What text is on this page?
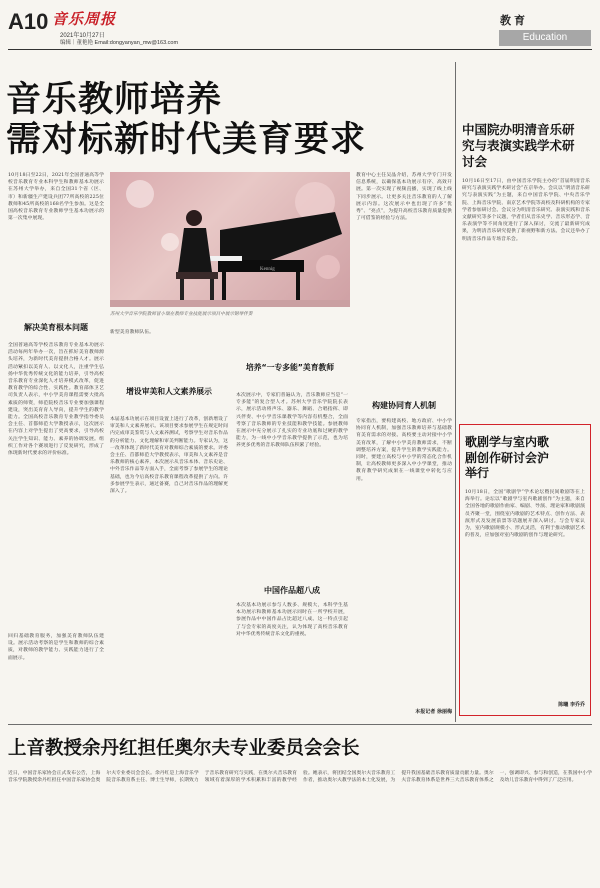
A10 音乐周报
2021年10月27日
编辑｜董艳艳 Email:dongyanyan_mw@163.com
教育
Education
音乐教师培养
需对标新时代美育要求
10月18日至22日，2021年全国普通高等学校音乐教育专业本科学生和教师基本功展示在苏州大学举办，来自全国31个省（区、市）和新疆生产建设兵团77所高校的225位教师和45所高校的168名学生参加。这是全国高校音乐教育专业教师学生基本功展示的第一次集中展现。
解决美育根本问题
全国普通高等学校音乐教育专业基本功展示活动每两年举办一次，旨在抓好美育教师源头培养，为新时代美育提供合格人才。展示活动紧扣以美育人、以文化人，注重学生弘扬中华优秀传统文化的能力培养，引导高校音乐教育专业深化人才培养模式改革，促进教育教学的综合性、实践性。教育部体卫艺司负责人表示，中小学美育课程需要大批高素质的师资，师范院校音乐专业要加强课程建设，突出美育育人导向，提升学生的教学能力。全国高校音乐教育专业教学指导委员会主任、首都师范大学教授表示，这次展示在内容上对学生提出了更高要求，引导高校关注学生知识、能力、素养的协调发展。组织工作对各个赛项进行了反复研究，形成了体现新时代要求的评价标准。
回归基础教育服务，加强美育教师队伍建设。展示活动考察的是学生和教师的综合素质，对教师的教学能力、实践能力进行了全面展示。
Kennig
苏州大学音乐学院教师冒小瑞在教师专业技能展示项目中展示钢琴伴奏
新型美育教师队伍。
增设审美和人文素养展示
本届基本功展示在项目设置上进行了改革，创新增设了审美和人文素养展示。该项目要求参展学生在规定时间内完成审美鉴赏与人文素养测试，考察学生对音乐作品的分析能力、文化理解和审美判断能力。专家认为，这一改革体现了新时代美育对教师综合素质的要求。评委会主任、首都师范大学教授表示，审美和人文素养是音乐教师的核心素养，本次展示从音乐本体、音乐史论、中外音乐作品等方面入手，全面考察了参展学生的理论基础，也为今后高校音乐教育课程改革提供了方向。许多参展学生表示，通过备赛，自己对音乐作品的理解更深入了。
培养“一专多能”美育教师
本次展示中，专家们普遍认为，音乐教师应当是“一专多能”的复合型人才。苏州大学音乐学院院长表示，展示活动将声乐、器乐、舞蹈、合唱指挥、即兴伴奏、中小学音乐课教学等内容有机整合，全面考察了音乐教师的专业技能和教学技能。参展教师在展示中充分展示了扎实的专业功底和过硬的教学能力，为一线中小学音乐教学提供了示范，也为培养更多优秀的音乐教师队伍积累了经验。
中国作品超八成
本次基本功展示参与人数多、规模大，本科学生基本功展示和教师基本功展示同时在一所学校开展，参展作品中中国作品占比超过八成。这一特点引起了与会专家的高度关注，认为体现了高校音乐教育对中华优秀传统音乐文化的重视。
教育中心主任吴晶介绍，苏州大学专门开发信息系统，以确保基本功展示有序、高效开展。第一次实现了视频直播，实现了线上线下同步展示。让更多关注音乐教育的人了解展示内容。这次展示中也出现了许多“优秀”、“亮点”，为提升高校音乐教育质量提供了可借鉴的经验与方法。
构建协同育人机制
专家指出，要构建高校、地方政府、中小学协同育人机制，加强音乐教师培养与基础教育美育需求的对接。高校要主动对接中小学美育改革，了解中小学美育教师需求，不断调整培养方案，提升学生的教学实践能力。同时，要建立高校与中小学的常态化合作机制，让高校教师更多深入中小学课堂，推动教育教学研究成果在一线课堂中转化与应用。
本报记者 徐丽梅
中国院办明清音乐研究与表演实践学术研讨会
10月16日至17日，由中国音乐学院主办的“首届明清音乐研究与表演实践学术研讨会”在京举办。会议以“明清音乐研究与表演实践”为主题，来自中国音乐学院、中央音乐学院、上海音乐学院、南京艺术学院等高校及科研机构的专家学者参加研讨会。会议分为明清音乐研究、表演实践和音乐文献研究等多个议题，学者们从音乐史学、音乐形态学、音乐表演学等不同角度进行了深入探讨，交流了最新研究成果，为明清音乐研究提供了新视野和新方法。会议还举办了明清音乐作品专场音乐会。
歌剧学与室内歌剧创作研讨会沪举行
10月18日，全国“歌剧学”学术论坛暨民间歌剧等在上海举行。论坛以“歌剧学与室内歌剧创作”为主题，来自全国各地的歌剧作曲家、编剧、导演、理论家和歌剧演员齐聚一堂，围绕室内歌剧的艺术特点、创作方法、表演形式及发展前景等话题展开深入研讨。与会专家认为，室内歌剧规模小、形式灵活，有利于推动歌剧艺术的普及，应加强对室内歌剧的创作与理论研究。
陈曦 李乔乔
上音教授余丹红担任奥尔夫专业委员会会长
近日，中国音乐家协会正式发布公告，上海音乐学院教授余丹红担任中国音乐家协会奥尔夫专业委员会会长。余丹红是上海音乐学院音乐教育系主任、博士生导师，长期致力于音乐教育研究与实践，在奥尔夫音乐教育领域有着深厚的学术积累和丰富的教学经验。她表示，将团结全国奥尔夫音乐教育工作者，推动奥尔夫教学法的本土化发展，为提升我国基础音乐教育质量贡献力量。奥尔夫音乐教育体系是世界三大音乐教育体系之一，强调即兴、参与和创造，在我国中小学及幼儿音乐教育中得到了广泛应用。
